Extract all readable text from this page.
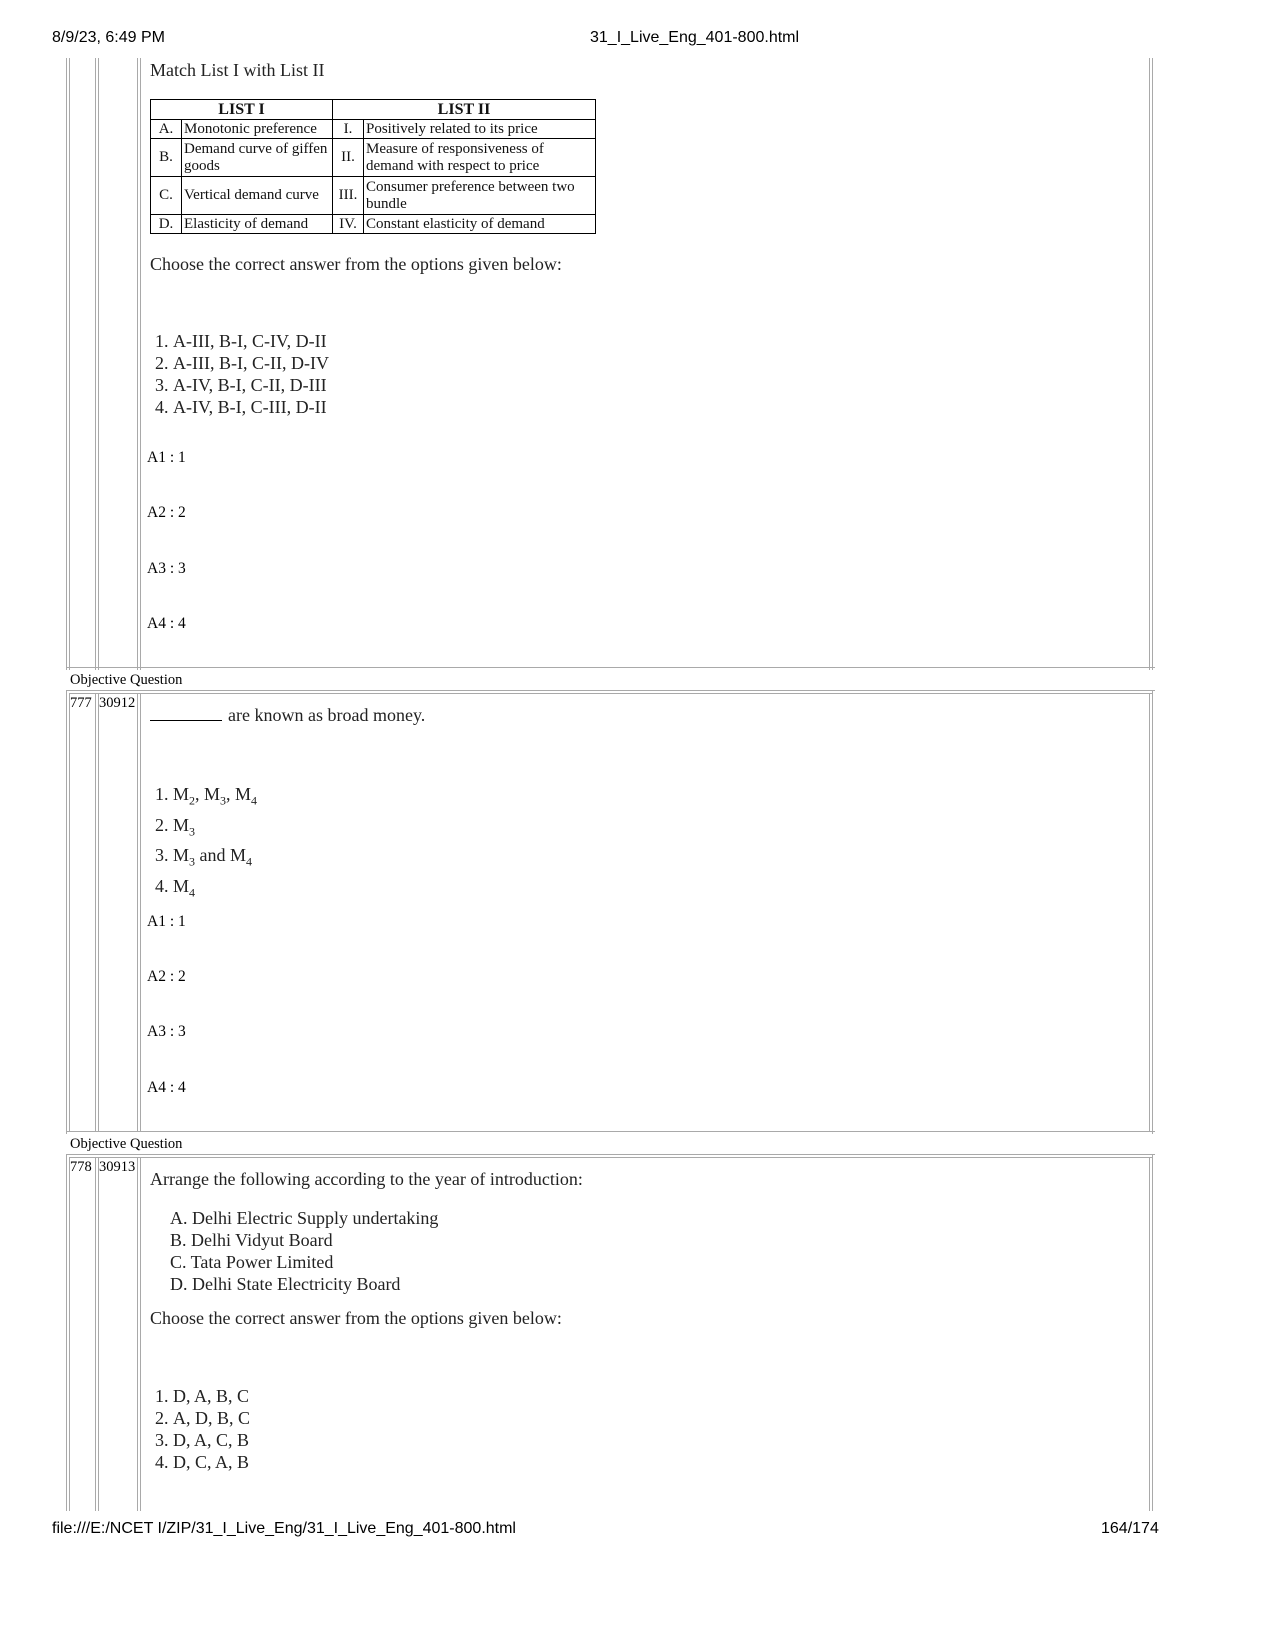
8/9/23, 6:49 PM	31_I_Live_Eng_401-800.html
Match List I with List II
LIST I		LIST II	
A.	Monotonic preference	I.	Positively related to its price
B.	Demand curve of giffen goods	II.	Measure of responsiveness of demand with respect to price
C.	Vertical demand curve	III.	Consumer preference between two bundle
D.	Elasticity of demand	IV.	Constant elasticity of demand
Choose the correct answer from the options given below:
1. A-III, B-I, C-IV, D-II
2. A-III, B-I, C-II, D-IV
3. A-IV, B-I, C-II, D-III
4. A-IV, B-I, C-III, D-II
A1 : 1
A2 : 2
A3 : 3
A4 : 4
Objective Question
777 30912
are known as broad money.
1. $M_2$, $M_3$, $M_4$
2. $M_3$
3. $M_3$ and $M_4$
4. $M_4$
A1 : 1
A2 : 2
A3 : 3
A4 : 4
Objective Question
778 30913
Arrange the following according to the year of introduction:
A. Delhi Electric Supply undertaking
B. Delhi Vidyut Board
C. Tata Power Limited
D. Delhi State Electricity Board
Choose the correct answer from the options given below:
1. D, A, B, C
2. A, D, B, C
3. D, A, C, B
4. D, C, A, B
file:///E:/NCET I/ZIP/31_I_Live_Eng/31_I_Live_Eng_401-800.html	164/174
